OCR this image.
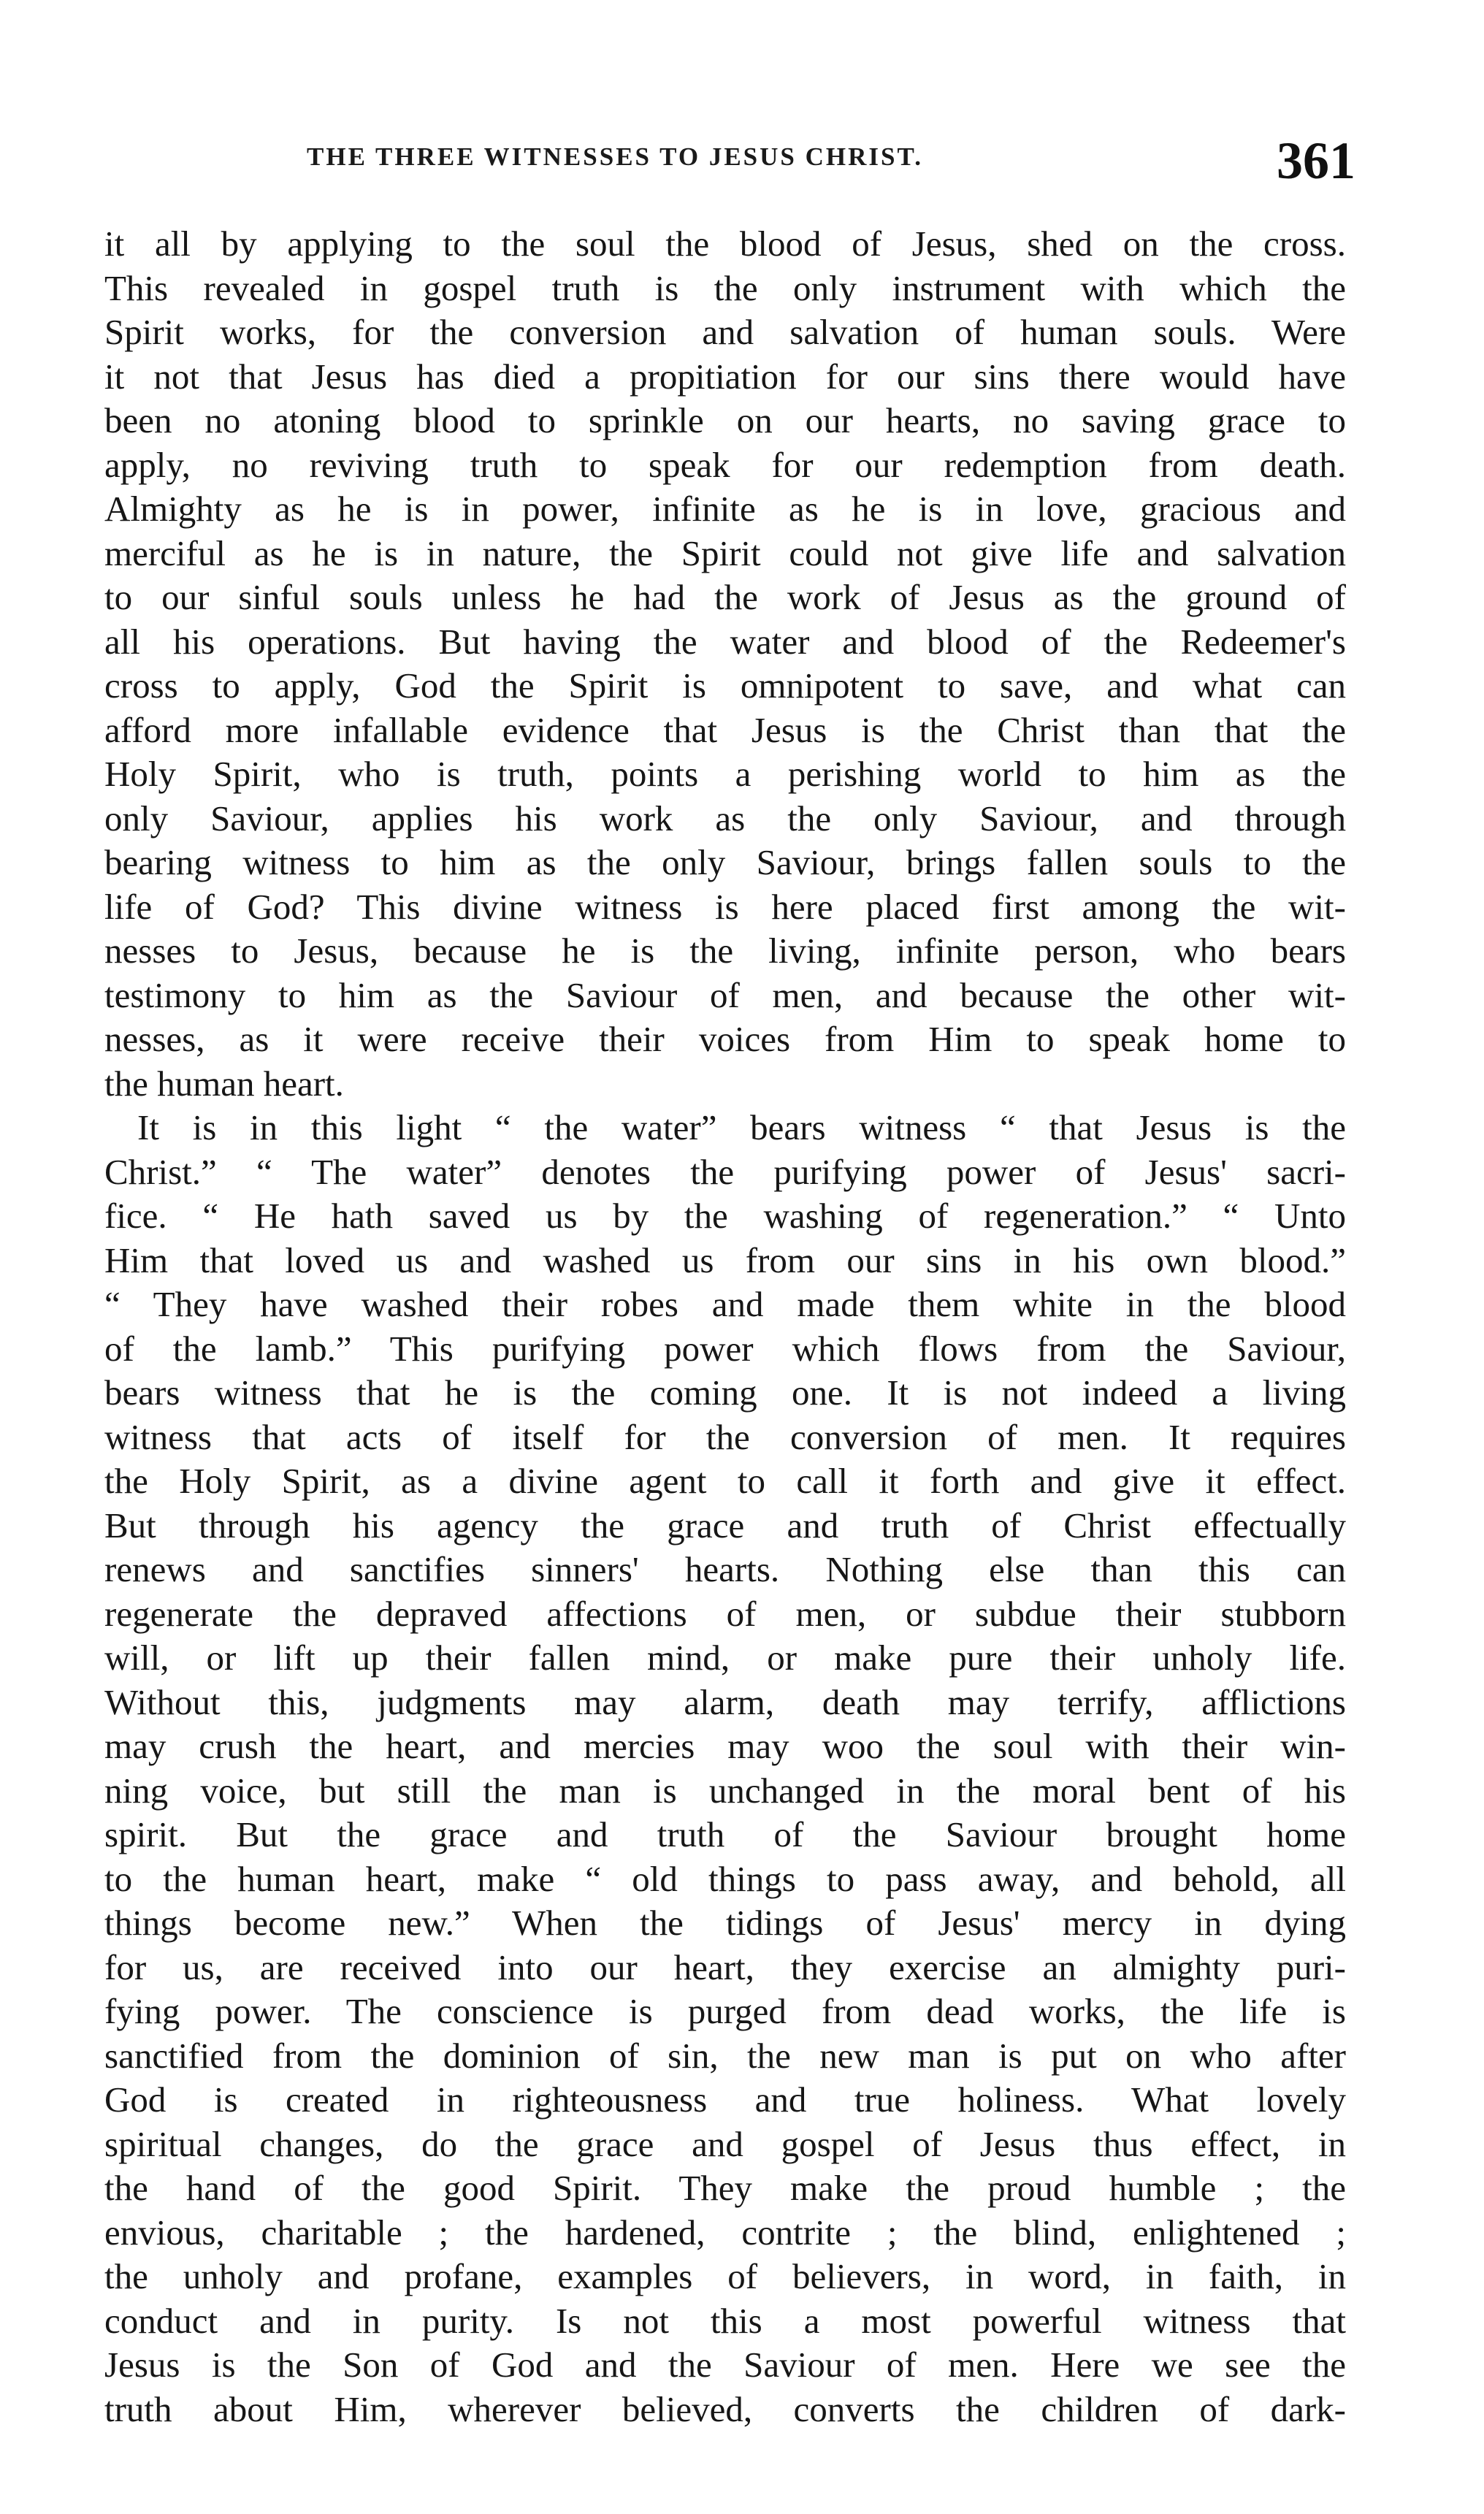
THE THREE WITNESSES TO JESUS CHRIST.	361
it all by applying to the soul the blood of Jesus, shed on the cross.
This revealed in gospel truth is the only instrument with which the
Spirit works, for the conversion and salvation of human souls. Were
it not that Jesus has died a propitiation for our sins there would have
been no atoning blood to sprinkle on our hearts, no saving grace to
apply, no reviving truth to speak for our redemption from death.
Almighty as he is in power, infinite as he is in love, gracious and
merciful as he is in nature, the Spirit could not give life and salvation
to our sinful souls unless he had the work of Jesus as the ground of
all his operations. But having the water and blood of the Redeemer's
cross to apply, God the Spirit is omnipotent to save, and what can
afford more infallable evidence that Jesus is the Christ than that the
Holy Spirit, who is truth, points a perishing world to him as the
only Saviour, applies his work as the only Saviour, and through
bearing witness to him as the only Saviour, brings fallen souls to the
life of God? This divine witness is here placed first among the wit-
nesses to Jesus, because he is the living, infinite person, who bears
testimony to him as the Saviour of men, and because the other wit-
nesses, as it were receive their voices from Him to speak home to
the human heart.
It is in this light “ the water” bears witness “ that Jesus is the
Christ.” “ The water” denotes the purifying power of Jesus' sacri-
fice. “ He hath saved us by the washing of regeneration.” “ Unto
Him that loved us and washed us from our sins in his own blood.”
“ They have washed their robes and made them white in the blood
of the lamb.” This purifying power which flows from the Saviour,
bears witness that he is the coming one. It is not indeed a living
witness that acts of itself for the conversion of men. It requires
the Holy Spirit, as a divine agent to call it forth and give it effect.
But through his agency the grace and truth of Christ effectually
renews and sanctifies sinners' hearts. Nothing else than this can
regenerate the depraved affections of men, or subdue their stubborn
will, or lift up their fallen mind, or make pure their unholy life.
Without this, judgments may alarm, death may terrify, afflictions
may crush the heart, and mercies may woo the soul with their win-
ning voice, but still the man is unchanged in the moral bent of his
spirit. But the grace and truth of the Saviour brought home
to the human heart, make “ old things to pass away, and behold, all
things become new.” When the tidings of Jesus' mercy in dying
for us, are received into our heart, they exercise an almighty puri-
fying power. The conscience is purged from dead works, the life is
sanctified from the dominion of sin, the new man is put on who after
God is created in righteousness and true holiness. What lovely
spiritual changes, do the grace and gospel of Jesus thus effect, in
the hand of the good Spirit. They make the proud humble ; the
envious, charitable ; the hardened, contrite ; the blind, enlightened ;
the unholy and profane, examples of believers, in word, in faith, in
conduct and in purity. Is not this a most powerful witness that
Jesus is the Son of God and the Saviour of men. Here we see the
truth about Him, wherever believed, converts the children of dark-
